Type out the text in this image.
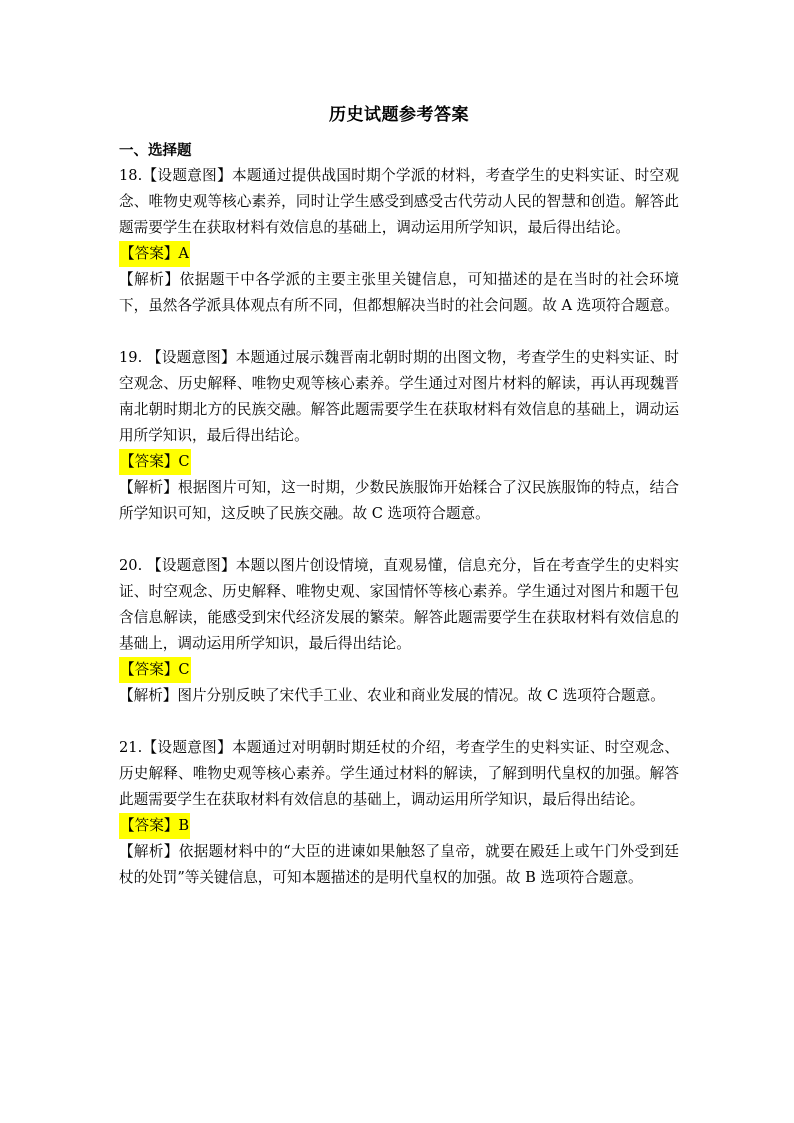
历史试题参考答案
一、选择题

18.【设题意图】本题通过提供战国时期个学派的材料，考查学生的史料实证、时空观念、唯物史观等核心素养，同时让学生感受到感受古代劳动人民的智慧和创造。解答此题需要学生在获取材料有效信息的基础上，调动运用所学知识，最后得出结论。

【答案】A

【解析】依据题干中各学派的主要主张里关键信息，可知描述的是在当时的社会环境下，虽然各学派具体观点有所不同，但都想解决当时的社会问题。故 A 选项符合题意。

19. 【设题意图】本题通过展示魏晋南北朝时期的出图文物，考查学生的史料实证、时空观念、历史解释、唯物史观等核心素养。学生通过对图片材料的解读，再认再现魏晋南北朝时期北方的民族交融。解答此题需要学生在获取材料有效信息的基础上，调动运用所学知识，最后得出结论。

【答案】C

【解析】根据图片可知，这一时期，少数民族服饰开始糅合了汉民族服饰的特点，结合所学知识可知，这反映了民族交融。故 C 选项符合题意。

20. 【设题意图】本题以图片创设情境，直观易懂，信息充分，旨在考查学生的史料实证、时空观念、历史解释、唯物史观、家国情怀等核心素养。学生通过对图片和题干包含信息解读，能感受到宋代经济发展的繁荣。解答此题需要学生在获取材料有效信息的基础上，调动运用所学知识，最后得出结论。

【答案】C

【解析】图片分别反映了宋代手工业、农业和商业发展的情况。故 C 选项符合题意。

21.【设题意图】本题通过对明朝时期廷杖的介绍，考查学生的史料实证、时空观念、历史解释、唯物史观等核心素养。学生通过材料的解读，了解到明代皇权的加强。解答此题需要学生在获取材料有效信息的基础上，调动运用所学知识，最后得出结论。

【答案】B

【解析】依据题材料中的“大臣的进谏如果触怒了皇帝，就要在殿廷上或午门外受到廷杖的处罚”等关键信息，可知本题描述的是明代皇权的加强。故 B 选项符合题意。
